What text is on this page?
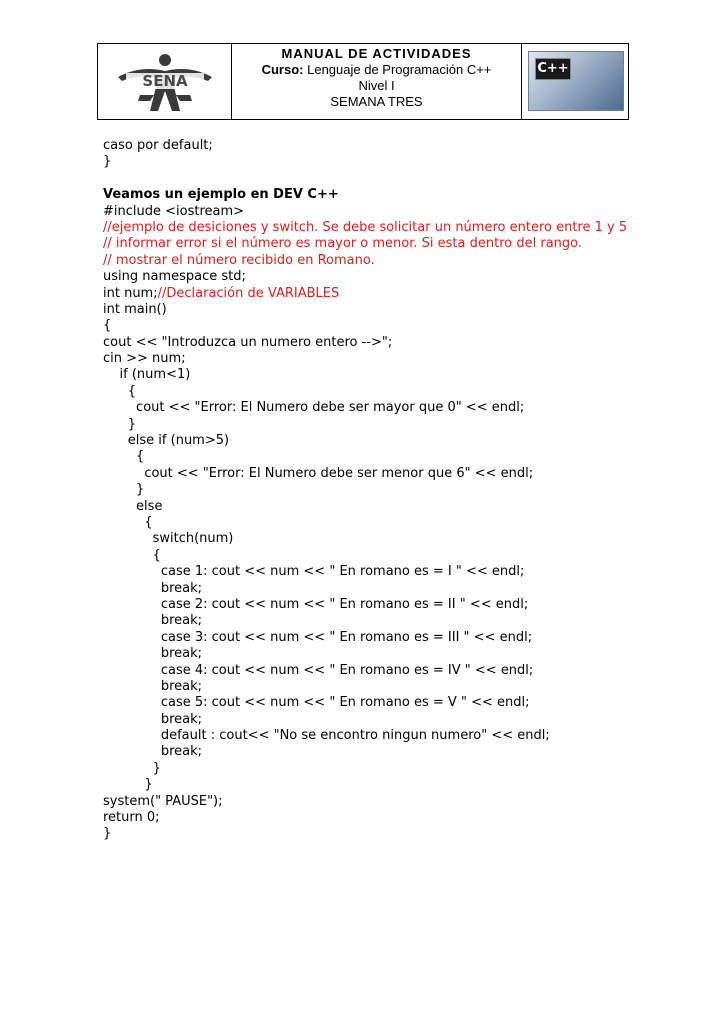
SENA
MANUAL DE ACTIVIDADES
Curso: Lenguaje de Programación C++
Nivel I
SEMANA TRES
C++
caso por default;
}
Veamos un ejemplo en DEV C++
#include <iostream>
//ejemplo de desiciones y switch. Se debe solicitar un número entero entre 1 y 5
// informar error si el número es mayor o menor. Si esta dentro del rango.
// mostrar el número recibido en Romano.
using namespace std;
int num;//Declaración de VARIABLES
int main()
{
cout << "Introduzca un numero entero -->";
cin >> num;
if (num<1)
{
cout << "Error: El Numero debe ser mayor que 0" << endl;
}
else if (num>5)
{
cout << "Error: El Numero debe ser menor que 6" << endl;
}
else
{
switch(num)
{
case 1: cout << num << " En romano es = I " << endl;
break;
case 2: cout << num << " En romano es = II " << endl;
break;
case 3: cout << num << " En romano es = III " << endl;
break;
case 4: cout << num << " En romano es = IV " << endl;
break;
case 5: cout << num << " En romano es = V " << endl;
break;
default : cout<< "No se encontro ningun numero" << endl;
break;
}
}
system(" PAUSE");
return 0;
}
